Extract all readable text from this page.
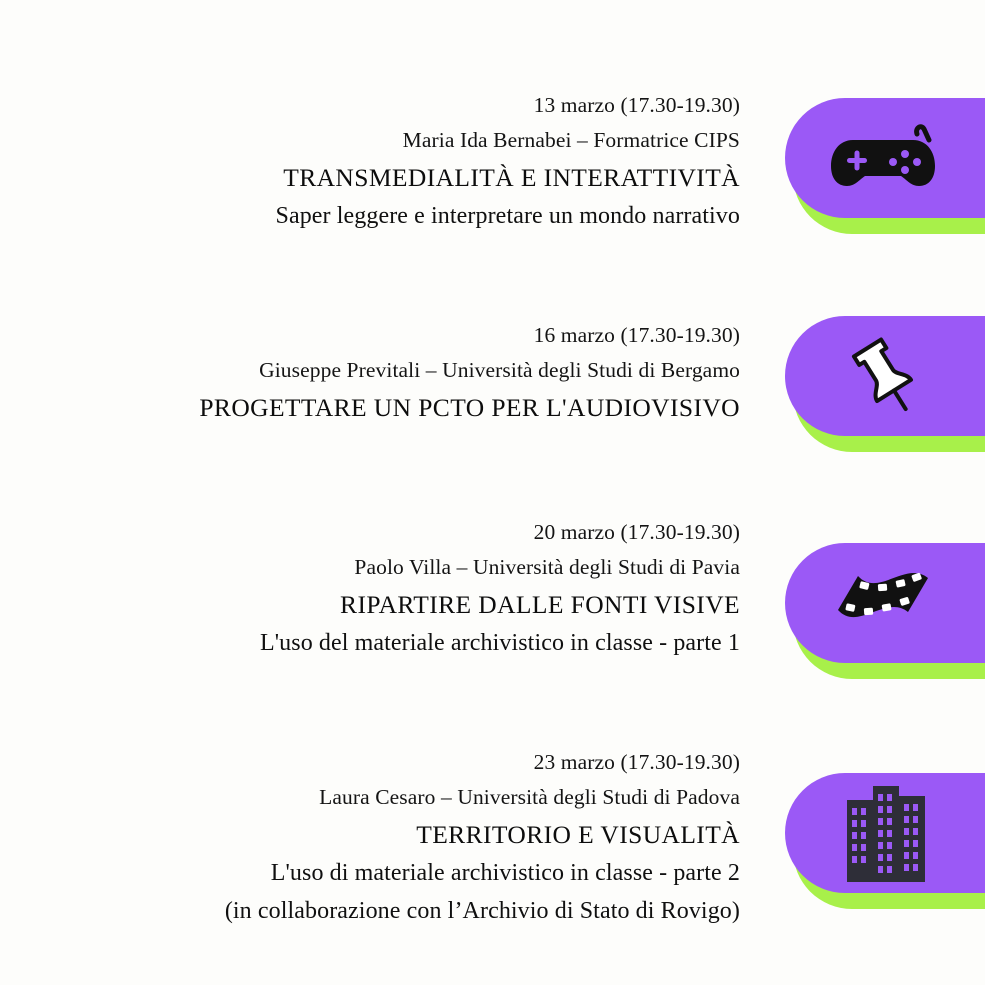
13 marzo (17.30-19.30)
Maria Ida Bernabei – Formatrice CIPS
TRANSMEDIALITÀ E INTERATTIVITÀ
Saper leggere e interpretare un mondo narrativo
16 marzo (17.30-19.30)
Giuseppe Previtali – Università degli Studi di Bergamo
PROGETTARE UN PCTO PER L'AUDIOVISIVO
20 marzo (17.30-19.30)
Paolo Villa – Università degli Studi di Pavia
RIPARTIRE DALLE FONTI VISIVE
L'uso del materiale archivistico in classe - parte 1
23 marzo (17.30-19.30)
Laura Cesaro – Università degli Studi di Padova
TERRITORIO E VISUALITÀ
L'uso di materiale archivistico in classe - parte 2
(in collaborazione con l’Archivio di Stato di Rovigo)
